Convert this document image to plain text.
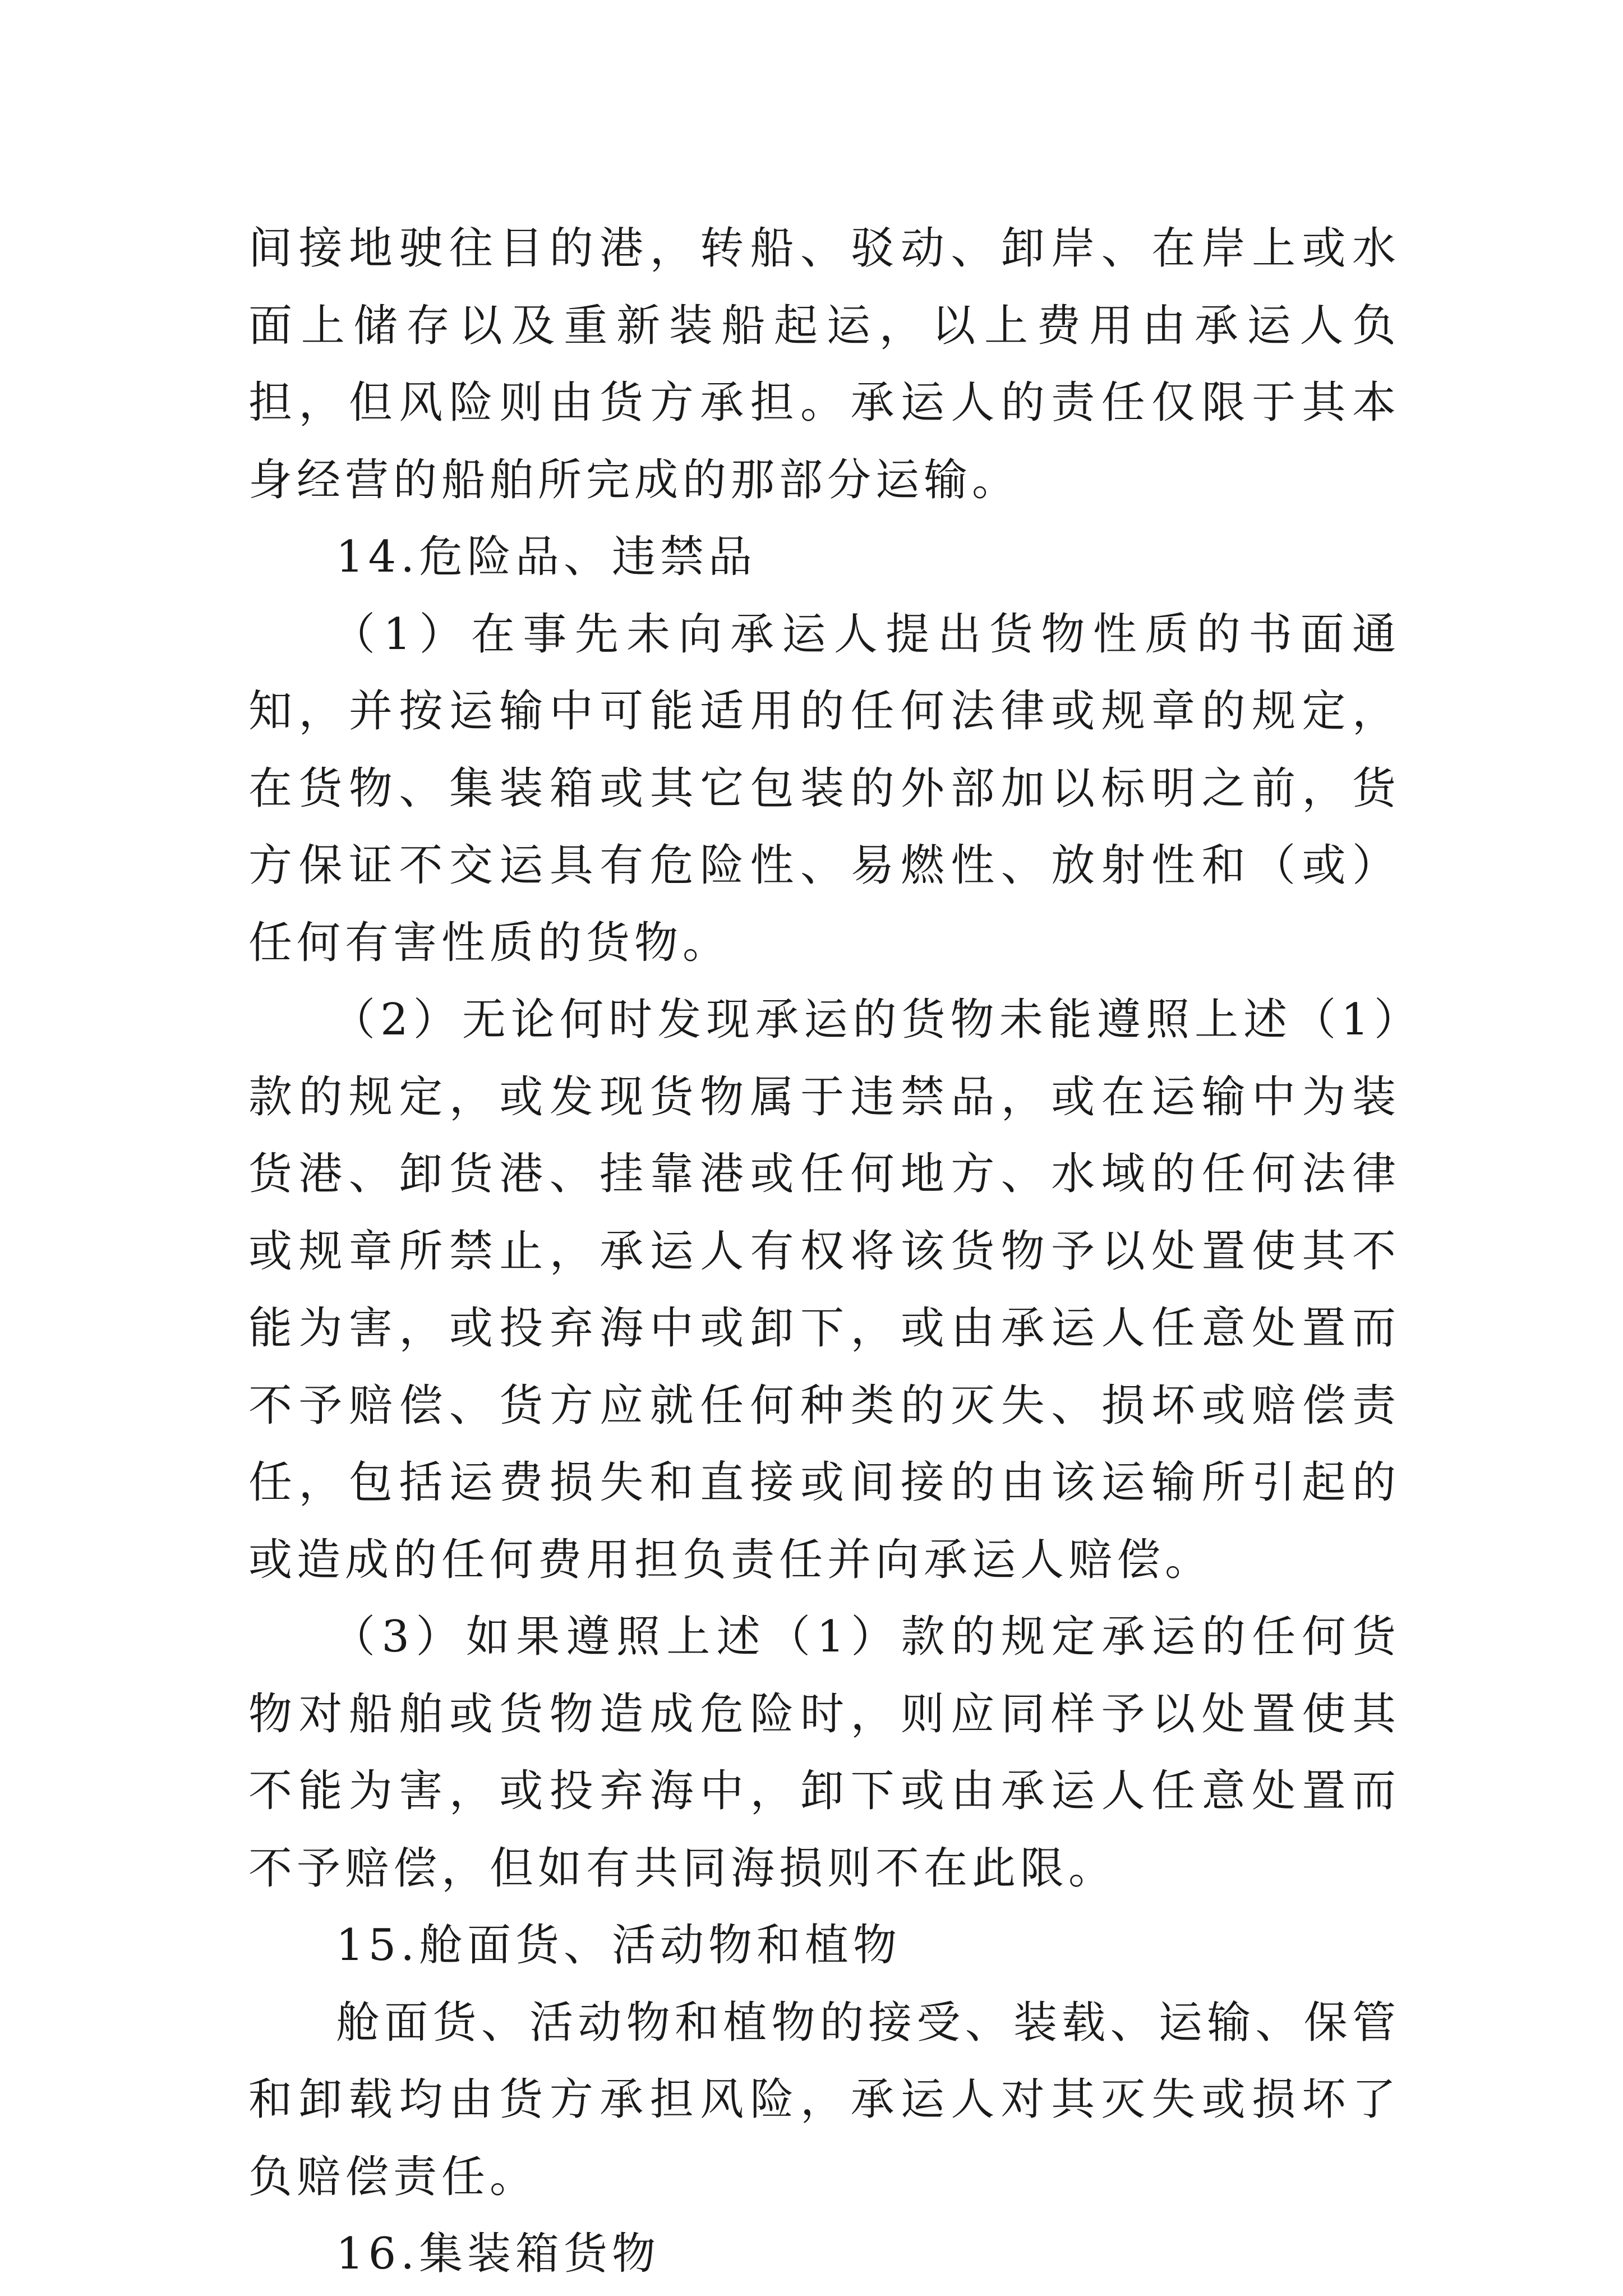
间接地驶往目的港，转船、驳动、卸岸、在岸上或水面上储存以及重新装船起运，以上费用由承运人负担，但风险则由货方承担。承运人的责任仅限于其本身经营的船舶所完成的那部分运输。

14.危险品、违禁品

（1）在事先未向承运人提出货物性质的书面通知，并按运输中可能适用的任何法律或规章的规定，在货物、集装箱或其它包装的外部加以标明之前，货方保证不交运具有危险性、易燃性、放射性和（或）任何有害性质的货物。

（2）无论何时发现承运的货物未能遵照上述（1）款的规定，或发现货物属于违禁品，或在运输中为装货港、卸货港、挂靠港或任何地方、水域的任何法律或规章所禁止，承运人有权将该货物予以处置使其不能为害，或投弃海中或卸下，或由承运人任意处置而不予赔偿、货方应就任何种类的灭失、损坏或赔偿责任，包括运费损失和直接或间接的由该运输所引起的或造成的任何费用担负责任并向承运人赔偿。

（3）如果遵照上述（1）款的规定承运的任何货物对船舶或货物造成危险时，则应同样予以处置使其不能为害，或投弃海中，卸下或由承运人任意处置而不予赔偿，但如有共同海损则不在此限。

15.舱面货、活动物和植物

舱面货、活动物和植物的接受、装载、运输、保管和卸载均由货方承担风险，承运人对其灭失或损坏了负赔偿责任。

16.集装箱货物
